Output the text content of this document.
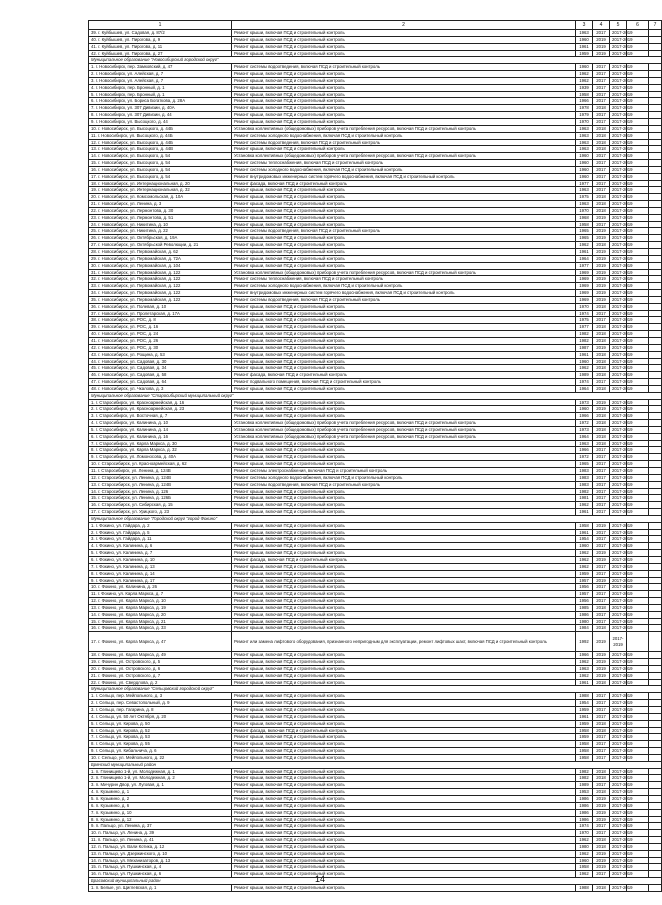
1	2	3	4	5	6	7
39. г. Куйбышев, ул. Садовая, д. 87/2	Ремонт крыши, включая ПСД и строительный контроль	1963	2017	2017-2019		
40. г. Куйбышев, ул. Пирогова, д. 9	Ремонт крыши, включая ПСД и строительный контроль	1960	2019	2017-2019		
41. г. Куйбышев, ул. Пирогова, д. 11	Ремонт крыши, включая ПСД и строительный контроль	1961	2019	2017-2019		
42. г. Куйбышев, ул. Пирогова, д. 27	Ремонт крыши, включая ПСД и строительный контроль	1959	2019	2017-2019		
Муниципальное образование "Новосибирский городской округ"						
1. г. Новосибирск, пер. Замковский, д. 47	Ремонт системы водоотведения, включая ПСД и строительный контроль	1960	2017	2017-2019		
2. г. Новосибирск, ул. Алейская, д. 7	Ремонт крыши, включая ПСД и строительный контроль	1962	2017	2017-2019		
3. г. Новосибирск, ул. Алейская, д. 7	Ремонт крыши, включая ПСД и строительный контроль	1962	2017	2017-2019		
4. г. Новосибирск, пер. Бронный, д. 1	Ремонт крыши, включая ПСД и строительный контроль	1939	2017	2017-2019		
5. г. Новосибирск, пер. Бронный, д. 1	Ремонт крыши, включая ПСД и строительный контроль	1958	2017	2017-2019		
6. г. Новосибирск, ул. Бориса Богаткова, д. 28А	Ремонт крыши, включая ПСД и строительный контроль	1966	2017	2017-2019		
7. г. Новосибирск, ул. 307 Дивизии, д. 40А	Ремонт крыши, включая ПСД и строительный контроль	1978	2018	2017-2019		
8. г. Новосибирск, ул. 307 Дивизии, д. 44	Ремонт крыши, включая ПСД и строительный контроль	1979	2017	2017-2019		
9. г. Новосибирск, ул. Высоцкого, д. 44	Ремонт крыши, включая ПСД и строительный контроль	1970	2017	2017-2019		
10. г. Новосибирск, ул. Высоцкого, д. 44Б	Установка коллективных (общедомовых) приборов учета потребления ресурсов, включая ПСД и строительный контроль	1963	2018	2017-2019		
11. г. Новосибирск, ул. Высоцкого, д. 44Б	Ремонт системы холодного водоснабжения, включая ПСД и строительный контроль	1963	2018	2017-2019		
12. г. Новосибирск, ул. Высоцкого, д. 44Б	Ремонт системы водоотведения, включая ПСД и строительный контроль	1963	2018	2017-2019		
13. г. Новосибирск, ул. Высоцкого, д. 44В	Ремонт крыши, включая ПСД и строительный контроль	1963	2018	2017-2019		
14. г. Новосибирск, ул. Высоцкого, д. 54	Установка коллективных (общедомовых) приборов учета потребления ресурсов, включая ПСД и строительный контроль	1960	2017	2017-2019		
15. г. Новосибирск, ул. Высоцкого, д. 54	Ремонт системы теплоснабжения, включая ПСД и строительный контроль	1960	2017	2017-2019		
16. г. Новосибирск, ул. Высоцкого, д. 54	Ремонт системы холодного водоснабжения, включая ПСД и строительный контроль	1960	2017	2017-2019		
17. г. Новосибирск, ул. Высоцкого, д. 54	Ремонт внутридомовых инженерных систем горячего водоснабжения, включая ПСД и строительный контроль	1960	2017	2017-2019		
18. г. Новосибирск, ул. Интернациональная, д. 20	Ремонт фасада, включая ПСД и строительный контроль	1977	2017	2017-2019		
19. г. Новосибирск, ул. Интернациональная, д. 32	Ремонт крыши, включая ПСД и строительный контроль	1963	2017	2017-2019		
20. г. Новосибирск, ул. Комсомольская, д. 10А	Ремонт крыши, включая ПСД и строительный контроль	1975	2018	2017-2019		
21. г. Новосибирск, ул. Ленина, д. 3	Ремонт крыши, включая ПСД и строительный контроль	1963	2018	2017-2019		
22. г. Новосибирск, ул. Лермонтова, д. 30	Ремонт крыши, включая ПСД и строительный контроль	1970	2018	2017-2019		
23. г. Новосибирск, ул. Лермонтова, д. 51	Ремонт крыши, включая ПСД и строительный контроль	1968	2019	2017-2019		
24. г. Новосибирск, ул. Никитина, д. 10	Ремонт крыши, включая ПСД и строительный контроль	1958	2017	2017-2019		
25. г. Новосибирск, ул. Никитина, д. 22	Ремонт системы водоотведения, включая ПСД и строительный контроль	1965	2019	2017-2019		
26. г. Новосибирск, ул. Октябрьская, д. 19А	Ремонт крыши, включая ПСД и строительный контроль	1965	2019	2017-2019		
27. г. Новосибирск, ул. Октябрьской Революции, д. 21	Ремонт крыши, включая ПСД и строительный контроль	1962	2018	2017-2019		
28. г. Новосибирск, ул. Первомайская, д. 62	Ремонт крыши, включая ПСД и строительный контроль	1961	2019	2017-2019		
29. г. Новосибирск, ул. Первомайская, д. 72А	Ремонт крыши, включая ПСД и строительный контроль	1964	2019	2017-2019		
30. г. Новосибирск, ул. Первомайская, д. 104	Ремонт крыши, включая ПСД и строительный контроль	1977	2019	2017-2019		
31. г. Новосибирск, ул. Первомайская, д. 122	Установка коллективных (общедомовых) приборов учета потребления ресурсов, включая ПСД и строительный контроль	1969	2019	2017-2019		
32. г. Новосибирск, ул. Первомайская, д. 122	Ремонт системы теплоснабжения, включая ПСД и строительный контроль	1969	2019	2017-2019		
33. г. Новосибирск, ул. Первомайская, д. 122	Ремонт системы холодного водоснабжения, включая ПСД и строительный контроль	1969	2019	2017-2019		
34. г. Новосибирск, ул. Первомайская, д. 122	Ремонт внутридомовых инженерных систем горячего водоснабжения, включая ПСД и строительный контроль	1969	2019	2017-2019		
35. г. Новосибирск, ул. Первомайская, д. 122	Ремонт системы водоотведения, включая ПСД и строительный контроль	1969	2019	2017-2019		
36. г. Новосибирск, ул. Полевая, д. 10	Ремонт крыши, включая ПСД и строительный контроль	1970	2018	2017-2019		
37. г. Новосибирск, ул. Пролетарская, д. 17А	Ремонт крыши, включая ПСД и строительный контроль	1974	2017	2017-2019		
38. г. Новосибирск, ул. РОС, д. 8	Ремонт крыши, включая ПСД и строительный контроль	1975	2017	2017-2019		
39. г. Новосибирск, ул. РОС, д. 16	Ремонт крыши, включая ПСД и строительный контроль	1977	2018	2017-2019		
40. г. Новосибирск, ул. РОС, д. 24	Ремонт крыши, включая ПСД и строительный контроль	1982	2018	2017-2019		
41. г. Новосибирск, ул. РОС, д. 26	Ремонт крыши, включая ПСД и строительный контроль	1982	2018	2017-2019		
42. г. Новосибирск, ул. РОС, д. 30	Ремонт крыши, включая ПСД и строительный контроль	1987	2019	2017-2019		
43. г. Новосибирск, ул. Рощина, д. 53	Ремонт крыши, включая ПСД и строительный контроль	1961	2018	2017-2019		
44. г. Новосибирск, ул. Садовая, д. 30	Ремонт крыши, включая ПСД и строительный контроль	1960	2018	2017-2019		
45. г. Новосибирск, ул. Садовая, д. 34	Ремонт крыши, включая ПСД и строительный контроль	1962	2018	2017-2019		
46. г. Новосибирск, ул. Садовая, д. 58	Ремонт фасада, включая ПСД и строительный контроль	1989	2018	2017-2019		
47. г. Новосибирск, ул. Садовая, д. 64	Ремонт подвального помещения, включая ПСД и строительный контроль	1974	2017	2017-2019		
48. г. Новосибирск, ул. Чкалова, д. 3	Ремонт крыши, включая ПСД и строительный контроль	1964	2018	2017-2019		
Муниципальное образование "Старосибирский муниципальный округ"						
1. г. Старосибирск, ул. Красноармейская, д. 16	Ремонт крыши, включая ПСД и строительный контроль	1973	2019	2017-2019		
2. г. Старосибирск, ул. Красноармейская, д. 23	Ремонт крыши, включая ПСД и строительный контроль	1960	2019	2017-2019		
3. г. Старосибирск, ул. Восточная, д. 7	Ремонт крыши, включая ПСД и строительный контроль	1966	2018	2017-2019		
4. г. Старосибирск, ул. Калинина, д. 10	Установка коллективных (общедомовых) приборов учета потребления ресурсов, включая ПСД и строительный контроль	1972	2018	2017-2019		
5. г. Старосибирск, ул. Калинина, д. 14	Установка коллективных (общедомовых) приборов учета потребления ресурсов, включая ПСД и строительный контроль	1973	2018	2017-2019		
6. г. Старосибирск, ул. Калинина, д. 16	Установка коллективных (общедомовых) приборов учета потребления ресурсов, включая ПСД и строительный контроль	1964	2018	2017-2019		
7. г. Старосибирск, ул. Карла Маркса, д. 30	Ремонт крыши, включая ПСД и строительный контроль	1963	2018	2017-2019		
8. г. Старосибирск, ул. Карла Маркса, д. 32	Ремонт крыши, включая ПСД и строительный контроль	1966	2017	2017-2019		
9. г. Старосибирск, ул. Ломоносова, д. 40А	Ремонт крыши, включая ПСД и строительный контроль	1972	2017	2017-2019		
10. г. Старосибирск, ул. Красноармейская, д. 62	Ремонт крыши, включая ПСД и строительный контроль	1965	2017	2017-2019		
11. г. Старосибирск, ул. Ленина, д. 124В	Ремонт системы электроснабжения, включая ПСД и строительный контроль	1983	2017	2017-2019		
12. г. Старосибирск, ул. Ленина, д. 124В	Ремонт системы холодного водоснабжения, включая ПСД и строительный контроль	1983	2017	2017-2019		
13. г. Старосибирск, ул. Ленина, д. 124В	Ремонт системы водоотведения, включая ПСД и строительный контроль	1983	2017	2017-2019		
14. г. Старосибирск, ул. Ленина, д. 126	Ремонт крыши, включая ПСД и строительный контроль	1982	2017	2017-2019		
15. г. Старосибирск, ул. Ленина, д. 126Б	Ремонт крыши, включая ПСД и строительный контроль	1981	2017	2017-2019		
16. г. Старосибирск, ул. Сибирская, д. 15	Ремонт крыши, включая ПСД и строительный контроль	1962	2017	2017-2019		
17. г. Старосибирск, ул. Урицкого, д. 23	Ремонт крыши, включая ПСД и строительный контроль	1961	2017	2017-2019		
Муниципальное образование "Городской округ "город Фокино"						
1. г. Фокино, ул. Гайдара, д. 2	Ремонт крыши, включая ПСД и строительный контроль	1958	2019	2017-2019		
2. г. Фокино, ул. Гайдара, д. 5	Ремонт крыши, включая ПСД и строительный контроль	1961	2017	2017-2019		
3. г. Фокино, ул. Гайдара, д. 11	Ремонт крыши, включая ПСД и строительный контроль	1954	2017	2017-2019		
4. г. Фокино, ул. Калинина, д. 6	Ремонт крыши, включая ПСД и строительный контроль	1960	2017	2017-2019		
5. г. Фокино, ул. Калинина, д. 7	Ремонт крыши, включая ПСД и строительный контроль	1962	2019	2017-2019		
6. г. Фокино, ул. Калинина, д. 10	Ремонт фасада, включая ПСД и строительный контроль	1962	2019	2017-2019		
7. г. Фокино, ул. Калинина, д. 13	Ремонт крыши, включая ПСД и строительный контроль	1962	2017	2017-2019		
8. г. Фокино, ул. Калинина, д. 14	Ремонт крыши, включая ПСД и строительный контроль	1959	2017	2017-2019		
9. г. Фокино, ул. Калинина, д. 17	Ремонт крыши, включая ПСД и строительный контроль	1957	2019	2017-2019		
10. г. Фокино, ул. Калинина, д. 26	Ремонт крыши, включая ПСД и строительный контроль	1956	2017	2017-2019		
11. г. Фокино, ул. Карла Маркса, д. 7	Ремонт крыши, включая ПСД и строительный контроль	1957	2017	2017-2019		
12. г. Фокино, ул. Карла Маркса, д. 10	Ремонт крыши, включая ПСД и строительный контроль	1956	2017	2017-2019		
13. г. Фокино, ул. Карла Маркса, д. 19	Ремонт крыши, включая ПСД и строительный контроль	1985	2018	2017-2019		
14. г. Фокино, ул. Карла Маркса, д. 20	Ремонт крыши, включая ПСД и строительный контроль	1986	2017	2017-2019		
15. г. Фокино, ул. Карла Маркса, д. 21	Ремонт крыши, включая ПСД и строительный контроль	1980	2017	2017-2019		
16. г. Фокино, ул. Карла Маркса, д. 33	Ремонт крыши, включая ПСД и строительный контроль	1984	2018	2017-2019		
17. г. Фокино, ул. Карла Маркса, д. 47	Ремонт или замена лифтового оборудования, признанного непригодным для эксплуатации, ремонт лифтовых шахт, включая ПСД и строительный контроль	1992	2019	2017-2019		
18. г. Фокино, ул. Карла Маркса, д. 49	Ремонт крыши, включая ПСД и строительный контроль	1966	2019	2017-2019		
19. г. Фокино, ул. Островского, д. 5	Ремонт крыши, включая ПСД и строительный контроль	1962	2019	2017-2019		
20. г. Фокино, ул. Островского, д. 6	Ремонт крыши, включая ПСД и строительный контроль	1963	2019	2017-2019		
21. г. Фокино, ул. Островского, д. 7	Ремонт крыши, включая ПСД и строительный контроль	1962	2019	2017-2019		
22. г. Фокино, ул. Свердлова, д. 2	Ремонт крыши, включая ПСД и строительный контроль	1961	2018	2017-2019		
Муниципальное образование "Сельцовский городской округ"						
1. г. Сельцо, пер. Мейпольного, д. 3	Ремонт крыши, включая ПСД и строительный контроль	1988	2017	2017-2019		
2. г. Сельцо, пер. Севастопольный, д. 9	Ремонт крыши, включая ПСД и строительный контроль	1954	2017	2017-2019		
3. г. Сельцо, пер. Гагарина, д. 8	Ремонт крыши, включая ПСД и строительный контроль	1959	2017	2017-2019		
4. г. Сельцо, ул. 50 лет Октября, д. 20	Ремонт крыши, включая ПСД и строительный контроль	1961	2017	2017-2019		
5. г. Сельцо, ул. Кирова, д. 50	Ремонт крыши, включая ПСД и строительный контроль	1959	2018	2017-2019		
6. г. Сельцо, ул. Кирова, д. 52	Ремонт фасада, включая ПСД и строительный контроль	1958	2018	2017-2019		
7. г. Сельцо, ул. Кирова, д. 53	Ремонт крыши, включая ПСД и строительный контроль	1959	2017	2017-2019		
8. г. Сельцо, ул. Кирова, д. 55	Ремонт крыши, включая ПСД и строительный контроль	1958	2017	2017-2019		
9. г. Сельцо, ул. Кибальчича, д. 6	Ремонт крыши, включая ПСД и строительный контроль	1958	2017	2017-2019		
10. г. Сельцо, ул. Мейпольного, д. 22	Ремонт крыши, включая ПСД и строительный контроль	1958	2017	2017-2019		
Брянский муниципальный район						
1. п. Глинищево 1-й, ул. Молодежная, д. 1	Ремонт крыши, включая ПСД и строительный контроль	1982	2018	2017-2019		
2. п. Глинищево 1-й, ул. Молодежная, д. 2	Ремонт крыши, включая ПСД и строительный контроль	1982	2018	2017-2019		
3. п. Мичурин Двор, ул. Луговая, д. 1	Ремонт крыши, включая ПСД и строительный контроль	1989	2017	2017-2019		
4. п. Кузьмино, д. 1	Ремонт крыши, включая ПСД и строительный контроль	1953	2018	2017-2019		
5. п. Кузьмино, д. 2	Ремонт крыши, включая ПСД и строительный контроль	1986	2019	2017-2019		
6. п. Кузьмино, д. 6	Ремонт крыши, включая ПСД и строительный контроль	1986	2019	2017-2019		
7. п. Кузьмино, д. 10	Ремонт крыши, включая ПСД и строительный контроль	1986	2019	2017-2019		
8. п. Кузьмино, д. 12	Ремонт крыши, включая ПСД и строительный контроль	1986	2019	2017-2019		
9. п. Пальцо, ул. Ленина, д. 37	Ремонт крыши, включая ПСД и строительный контроль	1974	2017	2017-2019		
10. п. Пальцо, ул. Ленина, д. 39	Ремонт крыши, включая ПСД и строительный контроль	1970	2017	2017-2019		
11. п. Пальцо, ул. Ленина, д. 41	Ремонт крыши, включая ПСД и строительный контроль	1962	2018	2017-2019		
12. п. Пальцо, ул. Вали Котика, д. 12	Ремонт крыши, включая ПСД и строительный контроль	1980	2018	2017-2019		
13. п. Пальцо, ул. Дзержинского, д. 10	Ремонт крыши, включая ПСД и строительный контроль	1962	2019	2017-2019		
14. п. Пальцо, ул. Механизаторов, д. 13	Ремонт крыши, включая ПСД и строительный контроль	1960	2019	2017-2019		
15. п. Пальцо, ул. Пушкинская, д. 4	Ремонт крыши, включая ПСД и строительный контроль	1958	2019	2017-2019		
16. п. Пальцо, ул. Пушкинская, д. 6	Ремонт крыши, включая ПСД и строительный контроль	1962	2017	2017-2019		
Брасовский муниципальный район						
1. п. Белые, ул. Щиглевская, д. 1	Ремонт крыши, включая ПСД и строительный контроль	1988	2018	2017-2019		
14
